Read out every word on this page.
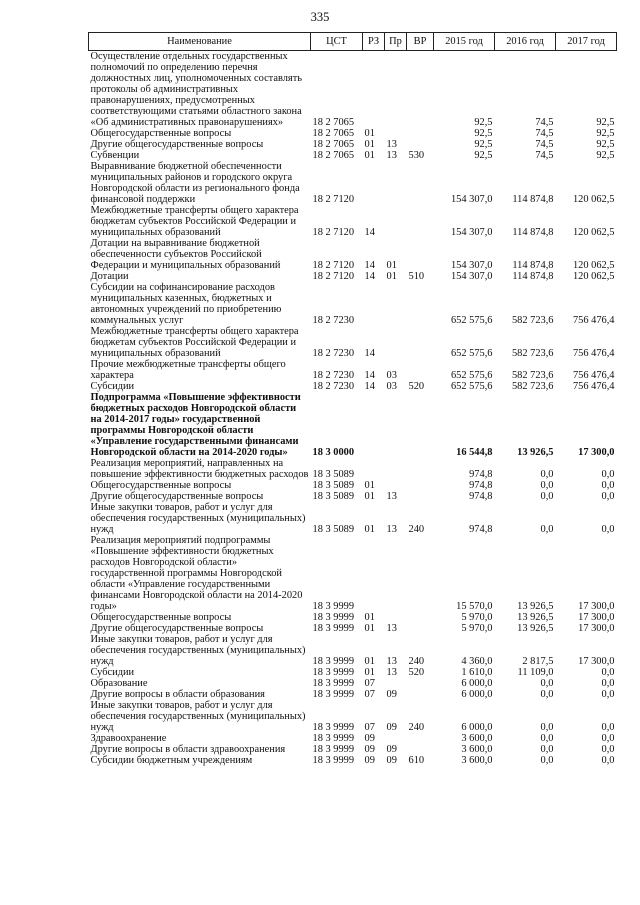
335
Наименование	ЦСТ	РЗ	Пр	ВР	2015 год	2016 год	2017 год
Осуществление отдельных государственных полномочий по определению перечня должностных лиц, уполномоченных составлять протоколы об административных правонарушениях, предусмотренных соответствующими статьями областного закона «Об административных правонарушениях»	18 2 7065				92,5	74,5	92,5
Общегосударственные вопросы	18 2 7065	01			92,5	74,5	92,5
Другие общегосударственные вопросы	18 2 7065	01	13		92,5	74,5	92,5
Субвенции	18 2 7065	01	13	530	92,5	74,5	92,5
Выравнивание бюджетной обеспеченности муниципальных районов и городского округа Новгородской области из регионального фонда финансовой поддержки	18 2 7120				154 307,0	114 874,8	120 062,5
Межбюджетные трансферты общего характера бюджетам субъектов Российской Федерации и муниципальных образований	18 2 7120	14			154 307,0	114 874,8	120 062,5
Дотации на выравнивание бюджетной обеспеченности субъектов Российской Федерации и муниципальных образований	18 2 7120	14	01		154 307,0	114 874,8	120 062,5
Дотации	18 2 7120	14	01	510	154 307,0	114 874,8	120 062,5
Субсидии на софинансирование расходов муниципальных казенных, бюджетных и автономных учреждений по приобретению коммунальных услуг	18 2 7230				652 575,6	582 723,6	756 476,4
Межбюджетные трансферты общего характера бюджетам субъектов Российской Федерации и муниципальных образований	18 2 7230	14			652 575,6	582 723,6	756 476,4
Прочие межбюджетные трансферты общего характера	18 2 7230	14	03		652 575,6	582 723,6	756 476,4
Субсидии	18 2 7230	14	03	520	652 575,6	582 723,6	756 476,4
Подпрограмма «Повышение эффективности бюджетных расходов Новгородской области на 2014-2017 годы» государственной программы Новгородской области «Управление государственными финансами Новгородской области на 2014-2020 годы»	18 3 0000				16 544,8	13 926,5	17 300,0
Реализация мероприятий, направленных на повышение эффективности бюджетных расходов	18 3 5089				974,8	0,0	0,0
Общегосударственные вопросы	18 3 5089	01			974,8	0,0	0,0
Другие общегосударственные вопросы	18 3 5089	01	13		974,8	0,0	0,0
Иные закупки товаров, работ и услуг для обеспечения государственных (муниципальных) нужд	18 3 5089	01	13	240	974,8	0,0	0,0
Реализация мероприятий подпрограммы «Повышение эффективности бюджетных расходов Новгородской области» государственной программы Новгородской области «Управление государственными финансами Новгородской области на 2014-2020 годы»	18 3 9999				15 570,0	13 926,5	17 300,0
Общегосударственные вопросы	18 3 9999	01			5 970,0	13 926,5	17 300,0
Другие общегосударственные вопросы	18 3 9999	01	13		5 970,0	13 926,5	17 300,0
Иные закупки товаров, работ и услуг для обеспечения государственных (муниципальных) нужд	18 3 9999	01	13	240	4 360,0	2 817,5	17 300,0
Субсидии	18 3 9999	01	13	520	1 610,0	11 109,0	0,0
Образование	18 3 9999	07			6 000,0	0,0	0,0
Другие вопросы в области образования	18 3 9999	07	09		6 000,0	0,0	0,0
Иные закупки товаров, работ и услуг для обеспечения государственных (муниципальных) нужд	18 3 9999	07	09	240	6 000,0	0,0	0,0
Здравоохранение	18 3 9999	09			3 600,0	0,0	0,0
Другие вопросы в области здравоохранения	18 3 9999	09	09		3 600,0	0,0	0,0
Субсидии бюджетным учреждениям	18 3 9999	09	09	610	3 600,0	0,0	0,0
